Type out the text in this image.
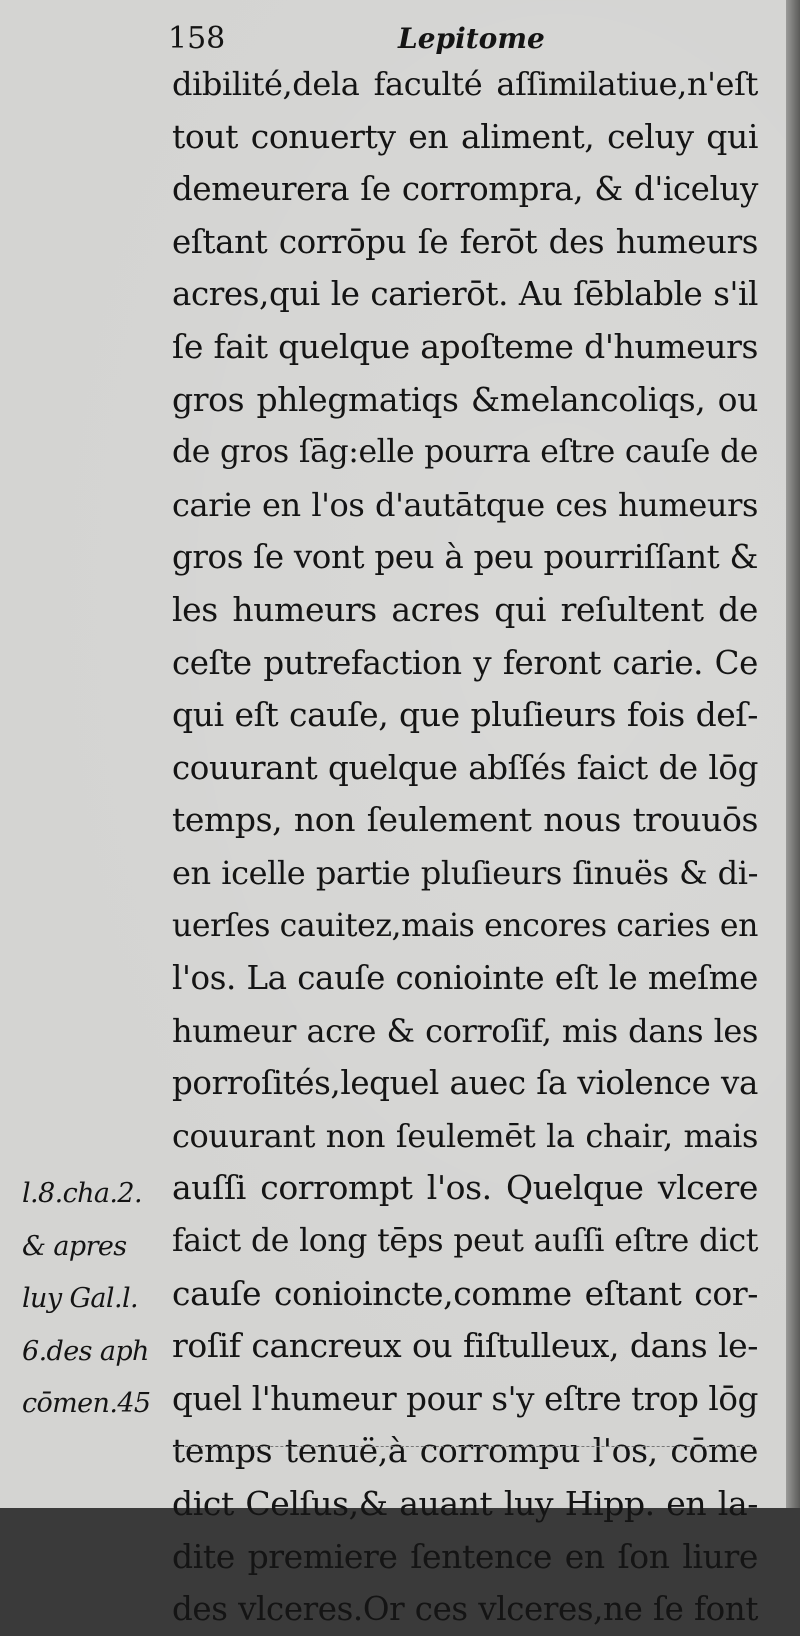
158	Lepitome
dibilité,dela faculté aſſimilatiue,n'eſt
tout conuerty en aliment, celuy qui
demeurera ſe corrompra, & d'iceluy
eſtant corrōpu ſe ferōt des humeurs
acres,qui le carierōt. Au ſēblable s'il
ſe fait quelque apoſteme d'humeurs
gros phlegmatiqs &melancoliqs, ou
de gros ſāg:elle pourra eſtre cauſe de
carie en l'os d'autātque ces humeurs
gros ſe vont peu à peu pourriſſant &
les humeurs acres qui reſultent de
ceſte putrefaction y feront carie. Ce
qui eſt cauſe, que pluſieurs fois deſ-
couurant quelque abſſés faict de lōg
temps, non ſeulement nous trouuōs
en icelle partie pluſieurs ſinuës & di-
uerſes cauitez,mais encores caries en
l'os. La cauſe coniointe eſt le meſme
humeur acre & corroſif, mis dans les
porroſités,lequel auec ſa violence va
couurant non ſeulemēt la chair, mais
auſſi corrompt l'os. Quelque vlcere
faict de long tēps peut auſſi eſtre dict
cauſe conioincte,comme eſtant cor-
roſif cancreux ou fiſtulleux, dans le-
quel l'humeur pour s'y eſtre trop lōg
temps tenuë,à corrompu l'os, cōme
dict Celſus,& auant luy Hipp. en la-
dite premiere ſentence en ſon liure
des vlceres.Or ces vlceres,ne ſe font
l.8.cha.2.
& apres
luy Gal.l.
6.des aph
cōmen.45
